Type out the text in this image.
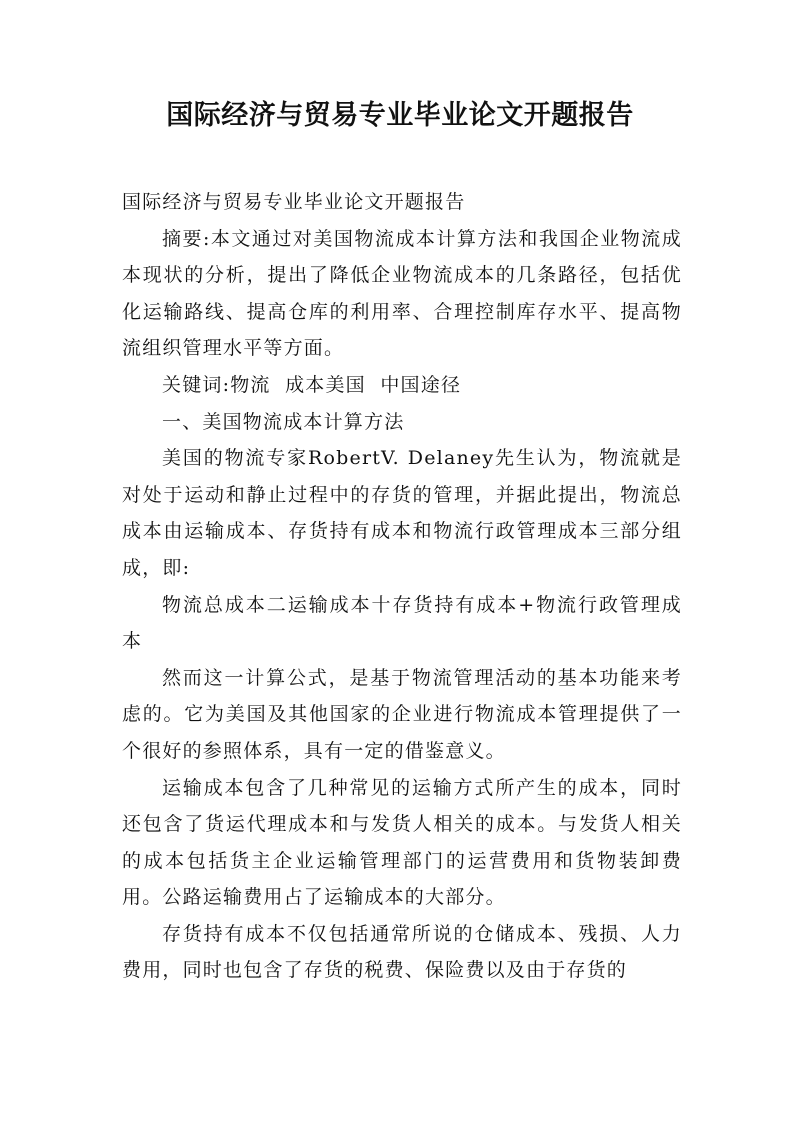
国际经济与贸易专业毕业论文开题报告

国际经济与贸易专业毕业论文开题报告

摘要:本文通过对美国物流成本计算方法和我国企业物流成本现状的分析，提出了降低企业物流成本的几条路径，包括优化运输路线、提高仓库的利用率、合理控制库存水平、提高物流组织管理水平等方面。

关键词:物流  成本美国  中国途径

一、美国物流成本计算方法

美国的物流专家RobertV. Delaney先生认为，物流就是对处于运动和静止过程中的存货的管理，并据此提出，物流总成本由运输成本、存货持有成本和物流行政管理成本三部分组成，即:

物流总成本二运输成本十存货持有成本+物流行政管理成本

然而这一计算公式，是基于物流管理活动的基本功能来考虑的。它为美国及其他国家的企业进行物流成本管理提供了一个很好的参照体系，具有一定的借鉴意义。

运输成本包含了几种常见的运输方式所产生的成本，同时还包含了货运代理成本和与发货人相关的成本。与发货人相关的成本包括货主企业运输管理部门的运营费用和货物装卸费用。公路运输费用占了运输成本的大部分。

存货持有成本不仅包括通常所说的仓储成本、残损、人力费用，同时也包含了存货的税费、保险费以及由于存货的
